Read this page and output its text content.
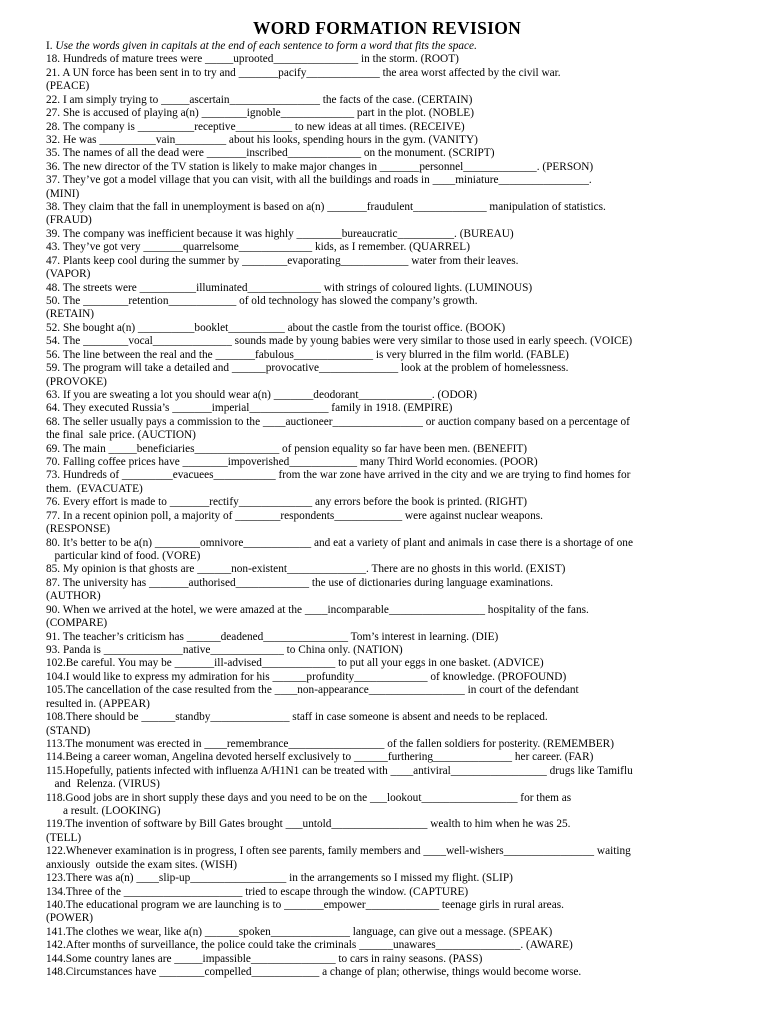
WORD FORMATION REVISION

I. Use the words given in capitals at the end of each sentence to form a word that fits the space.

18. Hundreds of mature trees were _____uprooted_______________ in the storm. (ROOT)

21. A UN force has been sent in to try and _______pacify_____________ the area worst affected by the civil war.

(PEACE)

22. I am simply trying to _____ascertain________________ the facts of the case. (CERTAIN)

27. She is accused of playing a(n) ________ignoble_____________ part in the plot. (NOBLE)

28. The company is __________receptive__________ to new ideas at all times. (RECEIVE)

32. He was __________vain_________ about his looks, spending hours in the gym. (VANITY)

35. The names of all the dead were _______inscribed_____________ on the monument. (SCRIPT)

36. The new director of the TV station is likely to make major changes in _______personnel_____________. (PERSON)

37. They’ve got a model village that you can visit, with all the buildings and roads in ____miniature________________.

(MINI)

38. They claim that the fall in unemployment is based on a(n) _______fraudulent_____________ manipulation of statistics.

(FRAUD)

39. The company was inefficient because it was highly ________bureaucratic__________. (BUREAU)

43. They’ve got very _______quarrelsome_____________ kids, as I remember. (QUARREL)

47. Plants keep cool during the summer by ________evaporating____________ water from their leaves.

(VAPOR)

48. The streets were __________illuminated_____________ with strings of coloured lights. (LUMINOUS)

50. The ________retention____________ of old technology has slowed the company’s growth.

(RETAIN)

52. She bought a(n) __________booklet__________ about the castle from the tourist office. (BOOK)

54. The ________vocal______________ sounds made by young babies were very similar to those used in early speech. (VOICE)

56. The line between the real and the _______fabulous______________ is very blurred in the film world. (FABLE)

59. The program will take a detailed and ______provocative______________ look at the problem of homelessness.

(PROVOKE)

63. If you are sweating a lot you should wear a(n) _______deodorant_____________. (ODOR)

64. They executed Russia’s _______imperial______________ family in 1918. (EMPIRE)

68. The seller usually pays a commission to the ____auctioneer________________ or auction company based on a percentage of

the final  sale price. (AUCTION)

69. The main _____beneficiaries_______________ of pension equality so far have been men. (BENEFIT)

70. Falling coffee prices have ________impoverished____________ many Third World economies. (POOR)

73. Hundreds of _________evacuees___________ from the war zone have arrived in the city and we are trying to find homes for

them.  (EVACUATE)

76. Every effort is made to _______rectify_____________ any errors before the book is printed. (RIGHT)

77. In a recent opinion poll, a majority of ________respondents____________ were against nuclear weapons.

(RESPONSE)

80. It’s better to be a(n) ________omnivore____________ and eat a variety of plant and animals in case there is a shortage of one

particular kind of food. (VORE)

85. My opinion is that ghosts are ______non-existent______________. There are no ghosts in this world. (EXIST)

87. The university has _______authorised_____________ the use of dictionaries during language examinations.

(AUTHOR)

90. When we arrived at the hotel, we were amazed at the ____incomparable_________________ hospitality of the fans.

(COMPARE)

91. The teacher’s criticism has ______deadened_______________ Tom’s interest in learning. (DIE)

93. Panda is ______________native_____________ to China only. (NATION)

102.Be careful. You may be _______ill-advised_____________ to put all your eggs in one basket. (ADVICE)

104.I would like to express my admiration for his ______profundity_____________ of knowledge. (PROFOUND)

105.The cancellation of the case resulted from the ____non-appearance_________________ in court of the defendant

resulted in. (APPEAR)

108.There should be ______standby______________ staff in case someone is absent and needs to be replaced.

(STAND)

113.The monument was erected in ____remembrance_________________ of the fallen soldiers for posterity. (REMEMBER)

114.Being a career woman, Angelina devoted herself exclusively to ______furthering______________ her career. (FAR)

115.Hopefully, patients infected with influenza A/H1N1 can be treated with ____antiviral_________________ drugs like Tamiflu

and  Relenza. (VIRUS)

118.Good jobs are in short supply these days and you need to be on the ___lookout_________________ for them as

a result. (LOOKING)

119.The invention of software by Bill Gates brought ___untold_________________ wealth to him when he was 25.

(TELL)

122.Whenever examination is in progress, I often see parents, family members and ____well-wishers________________ waiting

anxiously  outside the exam sites. (WISH)

123.There was a(n) ____slip-up_________________ in the arrangements so I missed my flight. (SLIP)

134.Three of the _____________________ tried to escape through the window. (CAPTURE)

140.The educational program we are launching is to _______empower_____________ teenage girls in rural areas.

(POWER)

141.The clothes we wear, like a(n) ______spoken______________ language, can give out a message. (SPEAK)

142.After months of surveillance, the police could take the criminals ______unawares_______________. (AWARE)

144.Some country lanes are _____impassible_______________ to cars in rainy seasons. (PASS)

148.Circumstances have ________compelled____________ a change of plan; otherwise, things would become worse.
